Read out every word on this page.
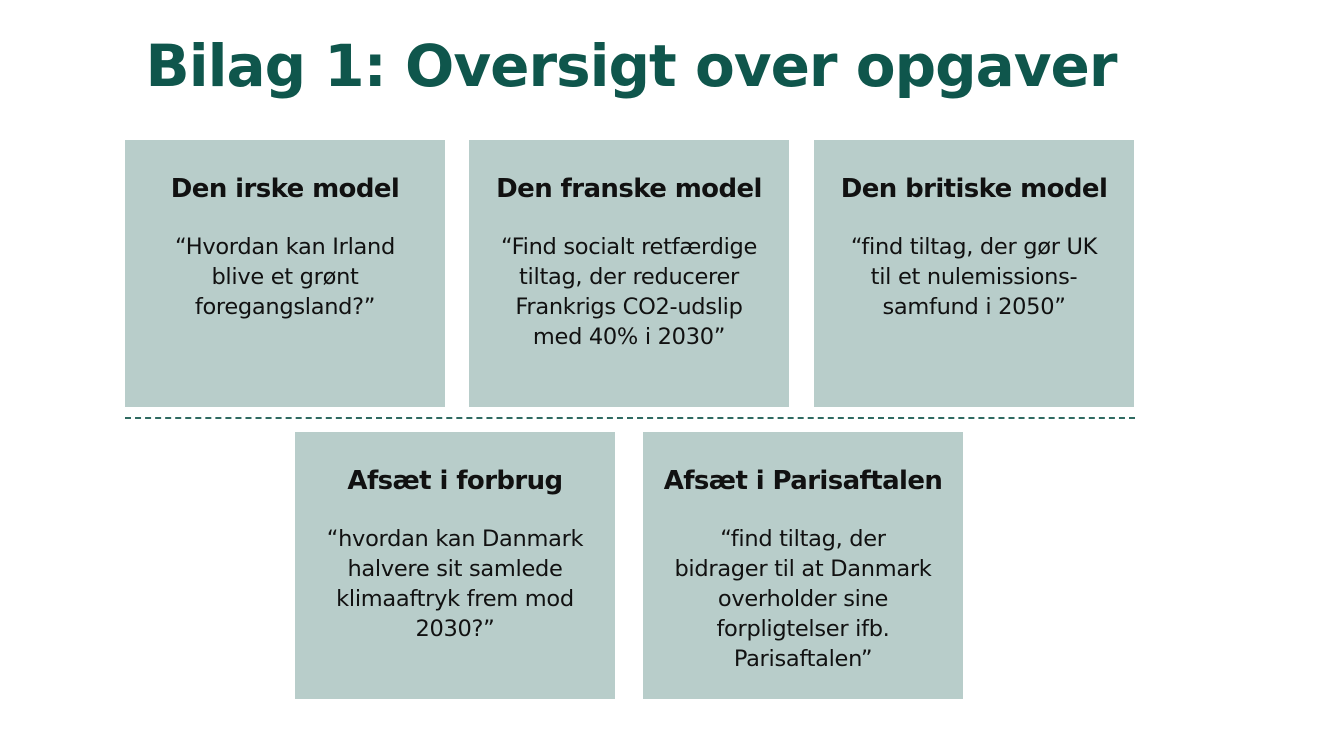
Bilag 1: Oversigt over opgaver
Den irske model
“Hvordan kan Irland
blive et grønt
foregangsland?”
Den franske model
“Find socialt retfærdige
tiltag, der reducerer
Frankrigs CO2-udslip
med 40% i 2030”
Den britiske model
“find tiltag, der gør UK
til et nulemissions-
samfund i 2050”
Afsæt i forbrug
“hvordan kan Danmark
halvere sit samlede
klimaaftryk frem mod
2030?”
Afsæt i Parisaftalen
“find tiltag, der
bidrager til at Danmark
overholder sine
forpligtelser ifb.
Parisaftalen”
